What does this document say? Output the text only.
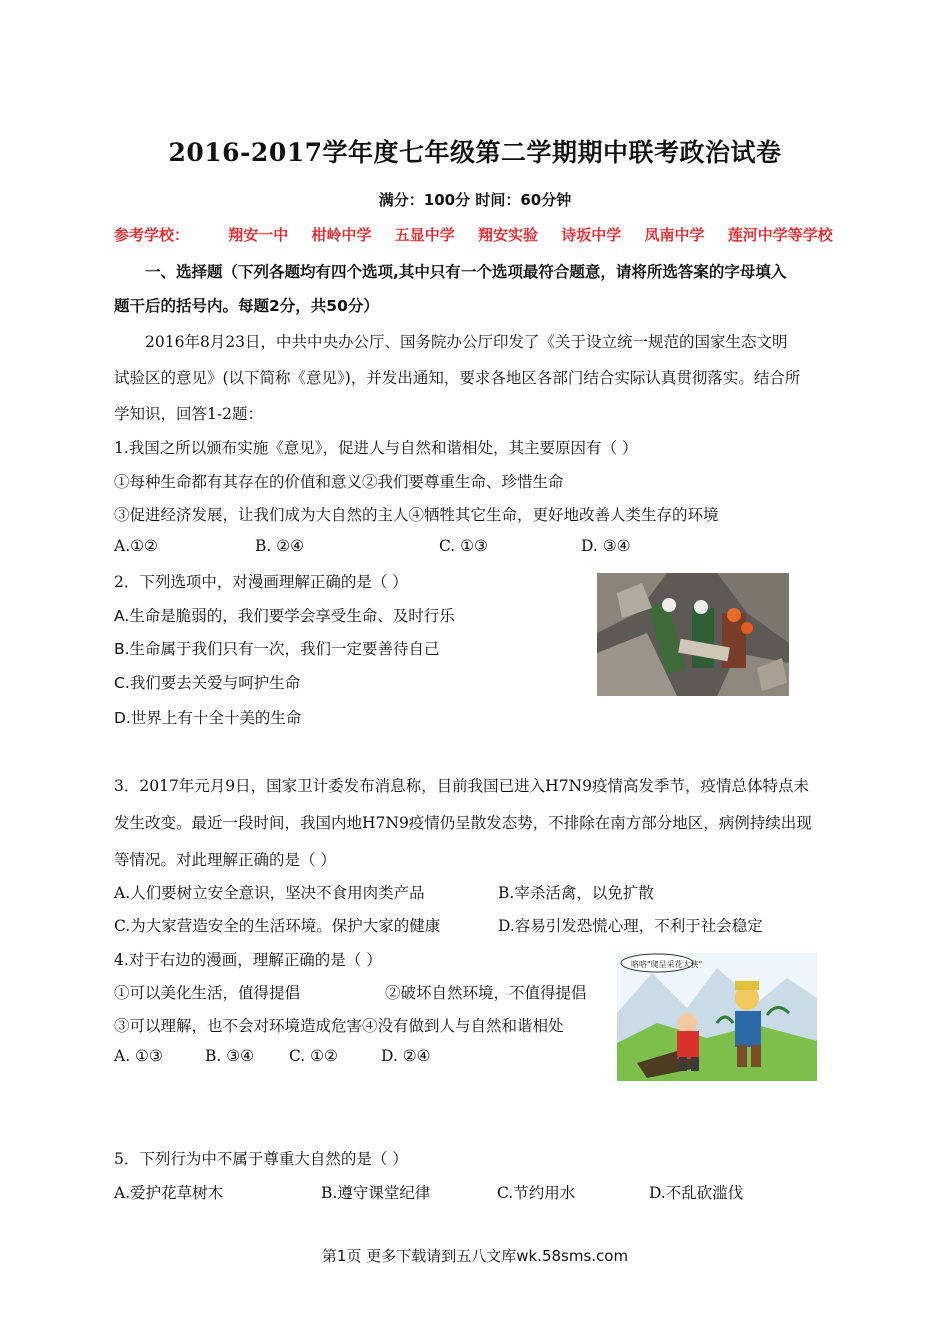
2016-2017学年度七年级第二学期期中联考政治试卷
满分：100分 时间：60分钟
参考学校：	翔安一中 柑岭中学 五显中学 翔安实验 诗坂中学 凤南中学 莲河中学等学校
一、选择题（下列各题均有四个选项,其中只有一个选项最符合题意，请将所选答案的字母填入
题干后的括号内。每题2分，共50分）
2016年8月23日，中共中央办公厅、国务院办公厅印发了《关于设立统一规范的国家生态文明
试验区的意见》(以下简称《意见》)，并发出通知，要求各地区各部门结合实际认真贯彻落实。结合所
学知识，回答1-2题：
1.我国之所以颁布实施《意见》，促进人与自然和谐相处，其主要原因有（ ）
①每种生命都有其存在的价值和意义②我们要尊重生命、珍惜生命
③促进经济发展，让我们成为大自然的主人④牺牲其它生命，更好地改善人类生存的环境
A.①②	B. ②④	C. ①③	D. ③④
2．下列选项中，对漫画理解正确的是（ ）
A.生命是脆弱的，我们要学会享受生命、及时行乐
B.生命属于我们只有一次，我们一定要善待自己
C.我们要去关爱与呵护生命
D.世界上有十全十美的生命
3．2017年元月9日，国家卫计委发布消息称，目前我国已进入H7N9疫情高发季节，疫情总体特点未
发生改变。最近一段时间，我国内地H7N9疫情仍呈散发态势，不排除在南方部分地区，病例持续出现
等情况。对此理解正确的是（ ）
A.人们要树立安全意识，坚决不食用肉类产品	B.宰杀活禽，以免扩散
C.为大家营造安全的生活环境。保护大家的健康	D.容易引发恐慌心理，不利于社会稳定
4.对于右边的漫画，理解正确的是（ ）
①可以美化生活，值得提倡	②破坏自然环境，不值得提倡
③可以理解，也不会对环境造成危害④没有做到人与自然和谐相处
A. ①③	B. ③④ C. ①②	D. ②④
咯咯"爬呈采花大侠"
5．下列行为中不属于尊重大自然的是（ ）
A.爱护花草树木	B.遵守课堂纪律	C.节约用水	D.不乱砍滥伐
第1页 更多下载请到五八文库wk.58sms.com
